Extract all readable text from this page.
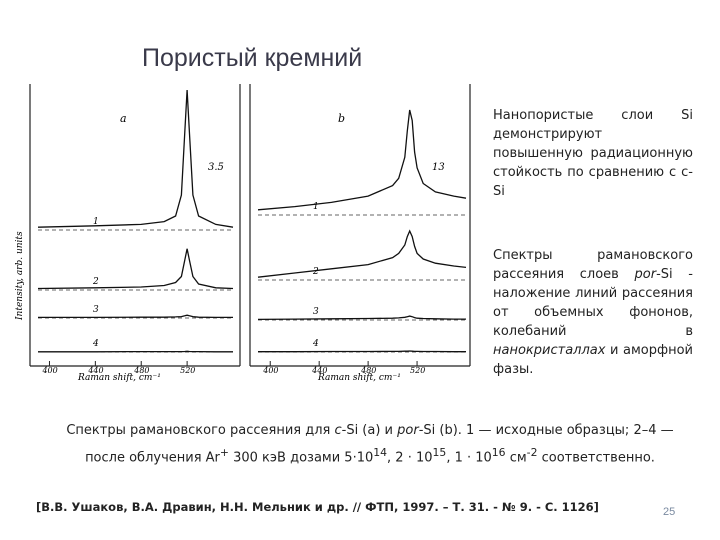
Пористый кремний
a
3.5
Intensity, arb. units
Raman shift, cm⁻¹
1
2
3
4
400	440	480	520
b
13
Raman shift, cm⁻¹
1
2
3
4
400	440	480	520
Нанопористые слои Si демонстрируют повышенную радиационную стойкость по сравнению с c-Si
Спектры рамановского рассеяния слоев por-Si - наложение линий рассеяния от объемных фононов, колебаний в нанокристаллах и аморфной фазы.
Спектры рамановского рассеяния для c-Si (a) и por-Si (b). 1 — исходные образцы; 2–4 —
после облучения Ar+ 300 кэВ дозами $5\cdot 10^{14}$, $2 \cdot 10^{15}$, $1 \cdot 10^{16}$ $см^{-2}$ соответственно.
[В.В. Ушаков, В.А. Дравин, Н.Н. Мельник и др. // ФТП, 1997. – Т. 31. - № 9. - С. 1126]	25
